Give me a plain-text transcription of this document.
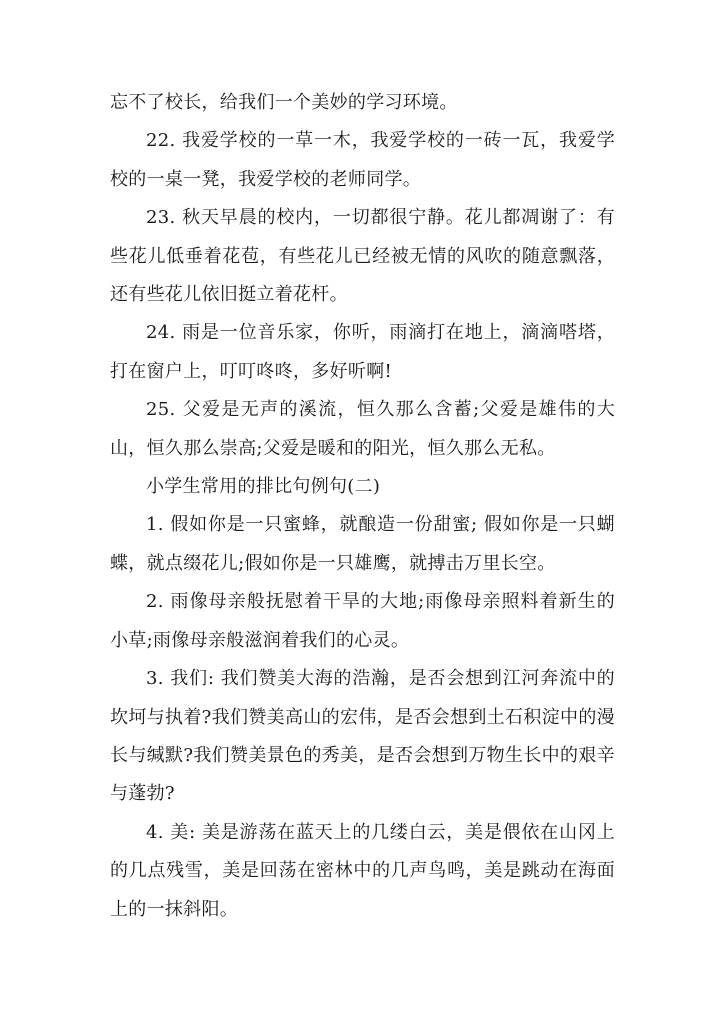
忘不了校长，给我们一个美妙的学习环境。

22. 我爱学校的一草一木，我爱学校的一砖一瓦，我爱学校的一桌一凳，我爱学校的老师同学。

23. 秋天早晨的校内，一切都很宁静。花儿都凋谢了：有些花儿低垂着花苞，有些花儿已经被无情的风吹的随意飘落，还有些花儿依旧挺立着花杆。

24. 雨是一位音乐家，你听，雨滴打在地上，滴滴嗒塔，打在窗户上，叮叮咚咚，多好听啊!

25. 父爱是无声的溪流，恒久那么含蓄;父爱是雄伟的大山，恒久那么崇高;父爱是暖和的阳光，恒久那么无私。

小学生常用的排比句例句(二)

1. 假如你是一只蜜蜂，就酿造一份甜蜜; 假如你是一只蝴蝶，就点缀花儿;假如你是一只雄鹰，就搏击万里长空。

2. 雨像母亲般抚慰着干旱的大地;雨像母亲照料着新生的小草;雨像母亲般滋润着我们的心灵。

3. 我们: 我们赞美大海的浩瀚，是否会想到江河奔流中的坎坷与执着?我们赞美高山的宏伟，是否会想到土石积淀中的漫长与缄默?我们赞美景色的秀美，是否会想到万物生长中的艰辛与蓬勃?

4. 美: 美是游荡在蓝天上的几缕白云，美是偎依在山冈上的几点残雪，美是回荡在密林中的几声鸟鸣，美是跳动在海面上的一抹斜阳。
